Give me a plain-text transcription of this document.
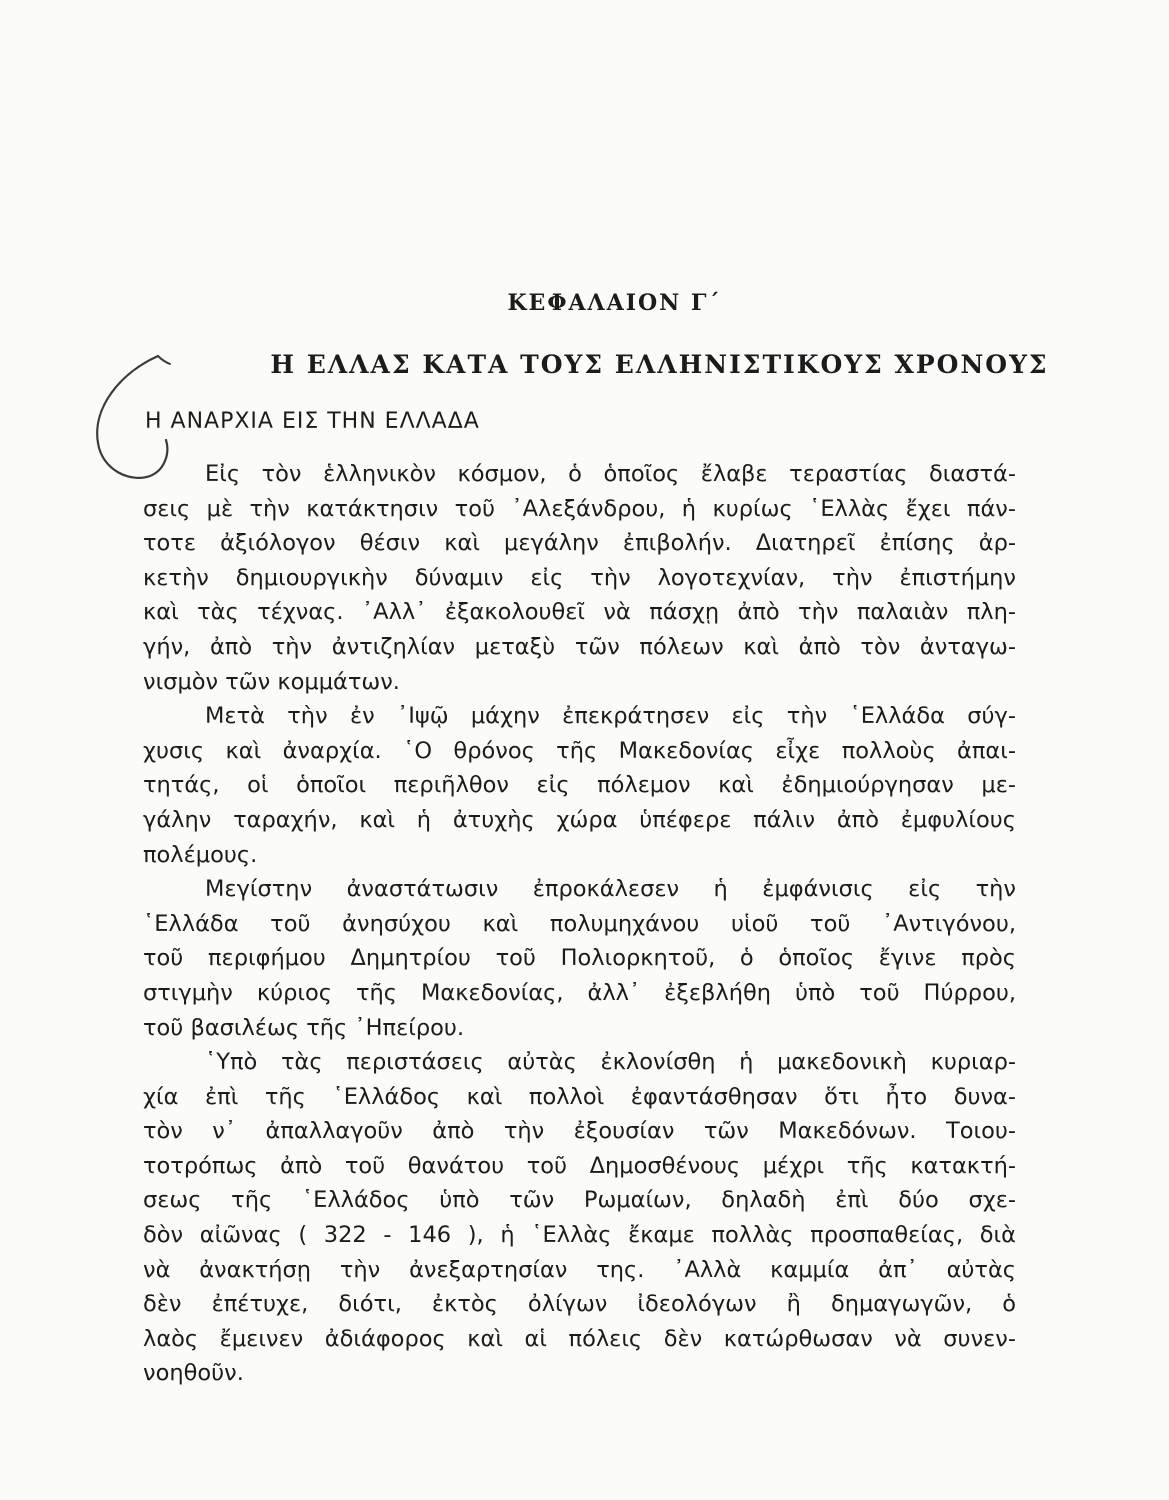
ΚΕΦΑΛΑΙΟΝ Γ΄
Η ΕΛΛΑΣ ΚΑΤΑ ΤΟΥΣ ΕΛΛΗΝΙΣΤΙΚΟΥΣ ΧΡΟΝΟΥΣ
Η ΑΝΑΡΧΙΑ ΕΙΣ ΤΗΝ ΕΛΛΑΔΑ
Εἰς τὸν ἑλληνικὸν κόσμον, ὁ ὁποῖος ἔλαβε τεραστίας διαστά-
σεις μὲ τὴν κατάκτησιν τοῦ ᾿Αλεξάνδρου, ἡ κυρίως ῾Ελλὰς ἔχει πάν-
τοτε ἀξιόλογον θέσιν καὶ μεγάλην ἐπιβολήν. Διατηρεῖ ἐπίσης ἀρ-
κετὴν δημιουργικὴν δύναμιν εἰς τὴν λογοτεχνίαν, τὴν ἐπιστήμην
καὶ τὰς τέχνας. ᾿Αλλ᾿ ἐξακολουθεῖ νὰ πάσχῃ ἀπὸ τὴν παλαιὰν πλη-
γήν, ἀπὸ τὴν ἀντιζηλίαν μεταξὺ τῶν πόλεων καὶ ἀπὸ τὸν ἀνταγω-
νισμὸν τῶν κομμάτων.
Μετὰ τὴν ἐν ᾿Ιψῷ μάχην ἐπεκράτησεν εἰς τὴν ῾Ελλάδα σύγ-
χυσις καὶ ἀναρχία. ῾Ο θρόνος τῆς Μακεδονίας εἶχε πολλοὺς ἀπαι-
τητάς, οἱ ὁποῖοι περιῆλθον εἰς πόλεμον καὶ ἐδημιούργησαν με-
γάλην ταραχήν, καὶ ἡ ἀτυχὴς χώρα ὑπέφερε πάλιν ἀπὸ ἐμφυλίους
πολέμους.
Μεγίστην ἀναστάτωσιν ἐπροκάλεσεν ἡ ἐμφάνισις εἰς τὴν
῾Ελλάδα τοῦ ἀνησύχου καὶ πολυμηχάνου υἱοῦ τοῦ ᾿Αντιγόνου,
τοῦ περιφήμου Δημητρίου τοῦ Πολιορκητοῦ, ὁ ὁποῖος ἔγινε πρὸς
στιγμὴν κύριος τῆς Μακεδονίας, ἀλλ᾿ ἐξεβλήθη ὑπὸ τοῦ Πύρρου,
τοῦ βασιλέως τῆς ᾿Ηπείρου.
῾Υπὸ τὰς περιστάσεις αὐτὰς ἐκλονίσθη ἡ μακεδονικὴ κυριαρ-
χία ἐπὶ τῆς ῾Ελλάδος καὶ πολλοὶ ἐφαντάσθησαν ὅτι ἦτο δυνα-
τὸν ν᾿ ἀπαλλαγοῦν ἀπὸ τὴν ἐξουσίαν τῶν Μακεδόνων. Τοιου-
τοτρόπως ἀπὸ τοῦ θανάτου τοῦ Δημοσθένους μέχρι τῆς κατακτή-
σεως τῆς ῾Ελλάδος ὑπὸ τῶν Ρωμαίων, δηλαδὴ ἐπὶ δύο σχε-
δὸν αἰῶνας ( 322 - 146 ), ἡ ῾Ελλὰς ἔκαμε πολλὰς προσπαθείας, διὰ
νὰ ἀνακτήσῃ τὴν ἀνεξαρτησίαν της. ᾿Αλλὰ καμμία ἀπ᾿ αὐτὰς
δὲν ἐπέτυχε, διότι, ἐκτὸς ὀλίγων ἰδεολόγων ἢ δημαγωγῶν, ὁ
λαὸς ἔμεινεν ἀδιάφορος καὶ αἱ πόλεις δὲν κατώρθωσαν νὰ συνεν-
νοηθοῦν.
